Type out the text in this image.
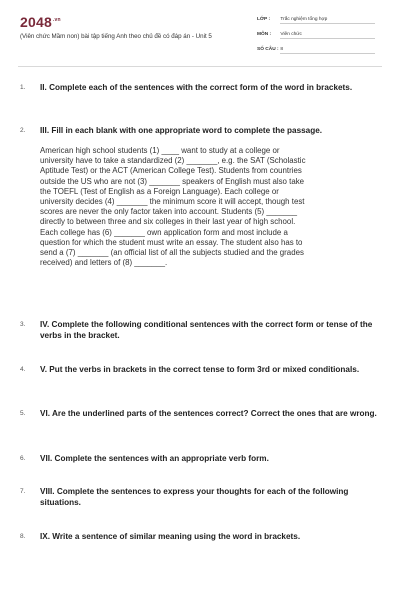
$2048^{.vn}$
(Viên chức Mầm non) bài tập tiếng Anh theo chủ đề có đáp án - Unit 5
LỚP : Trắc nghiệm tổng hợp
MÔN : Viên chức
SỐ CÂU : 8
1. II. Complete each of the sentences with the correct form of the word in brackets.
2. III. Fill in each blank with one appropriate word to complete the passage.
American high school students (1) ____ want to study at a college or
university have to take a standardized (2) _______, e.g. the SAT (Scholastic
Aptitude Test) or the ACT (American College Test). Students from countries
outside the US who are not (3) _______ speakers of English must also take
the TOEFL (Test of English as a Foreign Language). Each college or
university decides (4) _______ the minimum score it will accept, though test
scores are never the only factor taken into account. Students (5) _______
directly to between three and six colleges in their last year of high school.
Each college has (6) _______ own application form and most include a
question for which the student must write an essay. The student also has to
send a (7) _______ (an official list of all the subjects studied and the grades
received) and letters of (8) _______.
3. IV. Complete the following conditional sentences with the correct form or tense of the verbs in the bracket.
4. V. Put the verbs in brackets in the correct tense to form 3rd or mixed conditionals.
5. VI. Are the underlined parts of the sentences correct? Correct the ones that are wrong.
6. VII. Complete the sentences with an appropriate verb form.
7. VIII. Complete the sentences to express your thoughts for each of the following situations.
8. IX. Write a sentence of similar meaning using the word in brackets.
